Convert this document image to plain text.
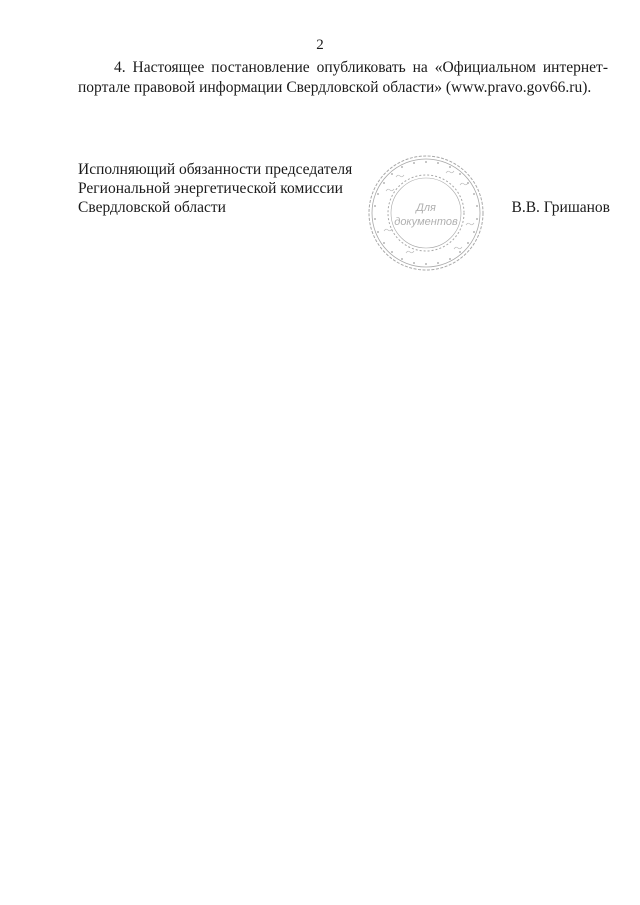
2
4. Настоящее постановление опубликовать на «Официальном интернет-
портале правовой информации Свердловской области» (www.pravo.gov66.ru).
Исполняющий обязанности председателя
Региональной энергетической комиссии
Свердловской области	Для
документов
В.В. Гришанов
